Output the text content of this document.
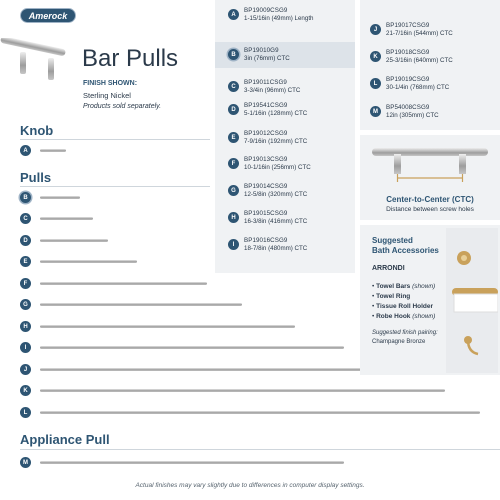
Amerock
Bar Pulls
FINISH SHOWN:
Sterling Nickel
Products sold separately.
Knob
Pulls
Appliance Pull
A
B
C
D
E
F
G
H
I
J
K
L
M
A
BP19009CSG9
1-15/16in (49mm) Length
B
BP19010G9
3in (76mm) CTC
C
BP19011CSG9
3-3/4in (96mm) CTC
D
BP19541CSG9
5-1/16in (128mm) CTC
E
BP19012CSG9
7-9/16in (192mm) CTC
F
BP19013CSG9
10-1/16in (256mm) CTC
G
BP19014CSG9
12-5/8in (320mm) CTC
H
BP19015CSG9
16-3/8in (416mm) CTC
I
BP19016CSG9
18-7/8in (480mm) CTC
J
BP19017CSG9
21-7/16in (544mm) CTC
K
BP19018CSG9
25-3/16in (640mm) CTC
L
BP19019CSG9
30-1/4in (768mm) CTC
M
BP54008CSG9
12in (305mm) CTC
Center-to-Center (CTC)
Distance between screw holes
Suggested
Bath Accessories
ARRONDI
• Towel Bars (shown)
• Towel Ring
• Tissue Roll Holder
• Robe Hook (shown)
Suggested finish pairing:
Champagne Bronze
Actual finishes may vary slightly due to differences in computer display settings.
